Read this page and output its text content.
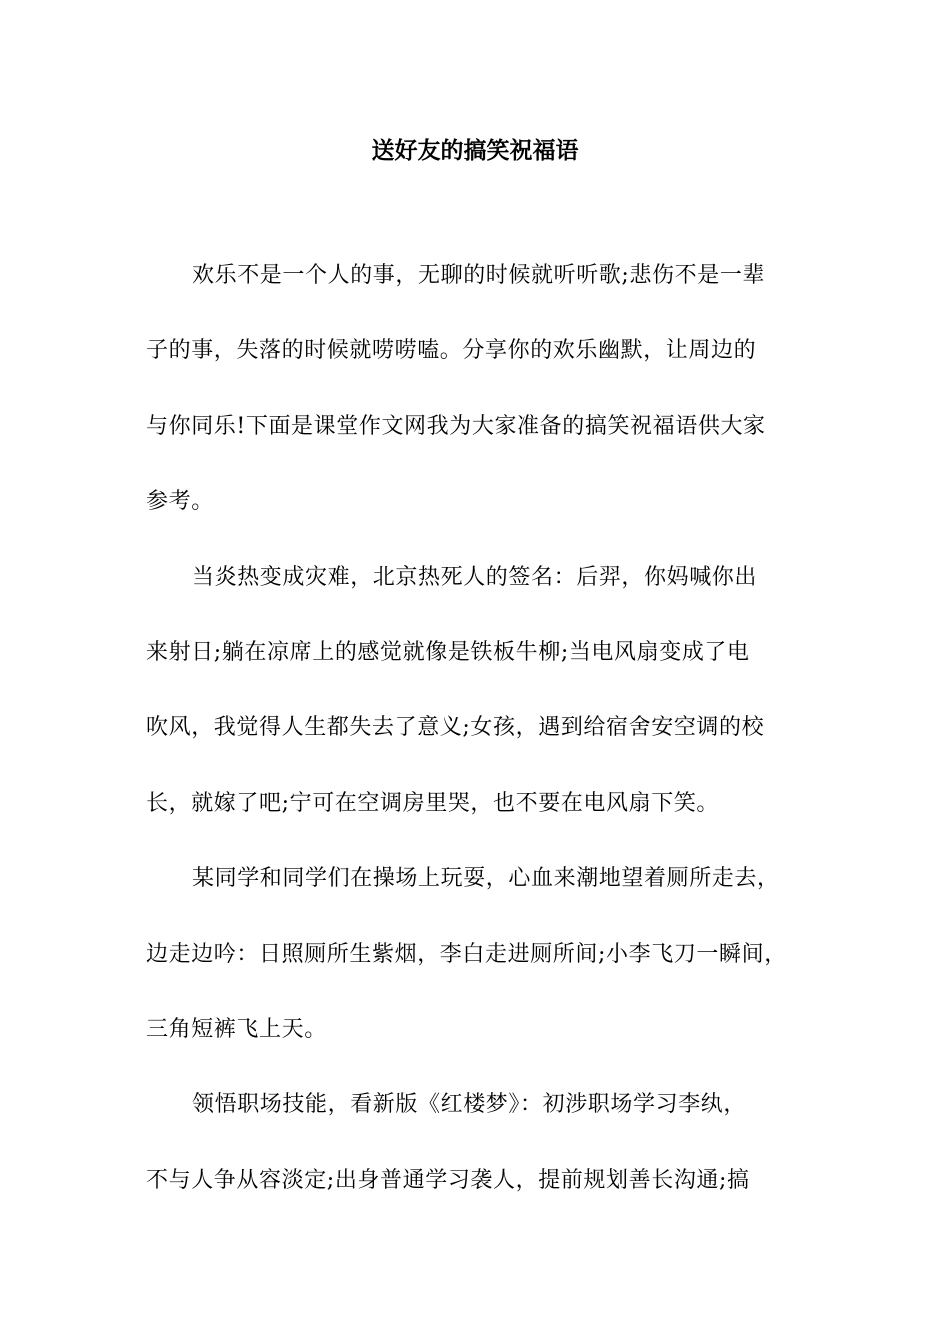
送好友的搞笑祝福语
欢乐不是一个人的事，无聊的时候就听听歌;悲伤不是一辈
子的事，失落的时候就唠唠嗑。分享你的欢乐幽默，让周边的
与你同乐!下面是课堂作文网我为大家准备的搞笑祝福语供大家
参考。
当炎热变成灾难，北京热死人的签名：后羿，你妈喊你出
来射日;躺在凉席上的感觉就像是铁板牛柳;当电风扇变成了电
吹风，我觉得人生都失去了意义;女孩，遇到给宿舍安空调的校
长，就嫁了吧;宁可在空调房里哭，也不要在电风扇下笑。
某同学和同学们在操场上玩耍，心血来潮地望着厕所走去，
边走边吟：日照厕所生紫烟，李白走进厕所间;小李飞刀一瞬间，
三角短裤飞上天。
领悟职场技能，看新版《红楼梦》：初涉职场学习李纨，
不与人争从容淡定;出身普通学习袭人，提前规划善长沟通;搞
